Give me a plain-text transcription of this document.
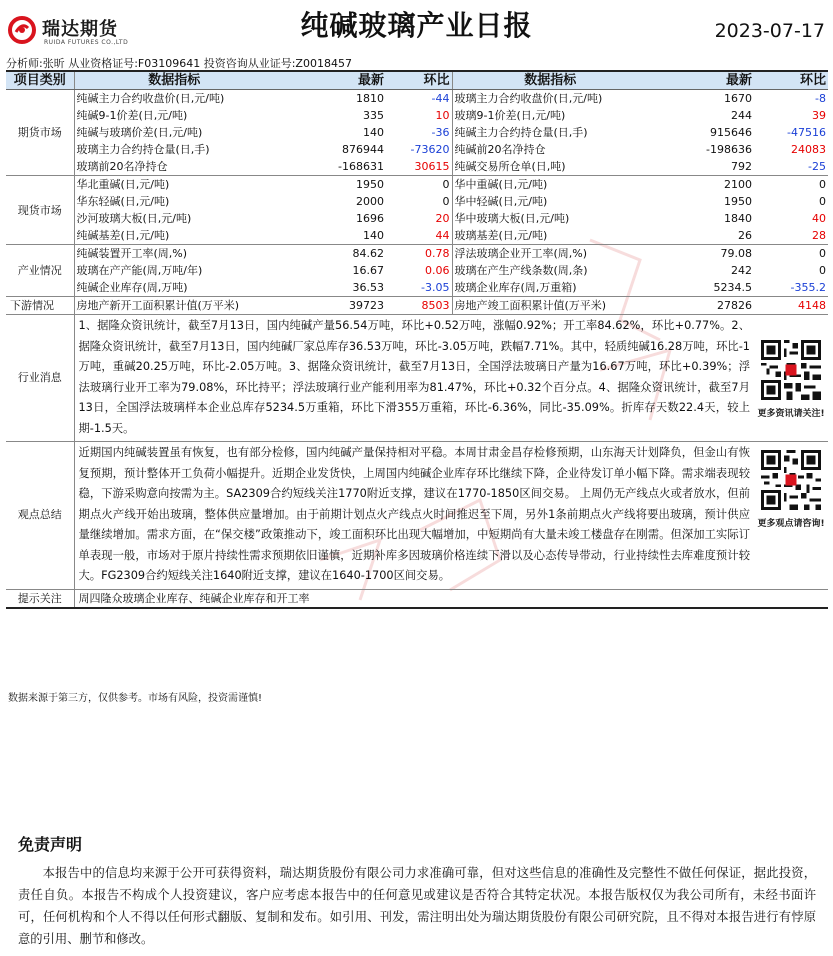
瑞达期货
RUIDA FUTURES CO.,LTD
纯碱玻璃产业日报	2023-07-17
分析师:张昕 从业资格证号:F03109641 投资咨询从业证号:Z0018457
项目类别	数据指标	最新	环比	数据指标	最新	环比
期货市场	纯碱主力合约收盘价(日,元/吨)	1810	-44	玻璃主力合约收盘价(日,元/吨)	1670	-8
	纯碱9-1价差(日,元/吨)	335	10	玻璃9-1价差(日,元/吨)	244	39
	纯碱与玻璃价差(日,元/吨)	140	-36	纯碱主力合约持仓量(日,手)	915646	-47516
	玻璃主力合约持仓量(日,手)	876944	-73620	纯碱前20名净持仓	-198636	24083
	玻璃前20名净持仓	-168631	30615	纯碱交易所仓单(日,吨)	792	-25
现货市场	华北重碱(日,元/吨)	1950	0	华中重碱(日,元/吨)	2100	0
	华东轻碱(日,元/吨)	2000	0	华中轻碱(日,元/吨)	1950	0
	沙河玻璃大板(日,元/吨)	1696	20	华中玻璃大板(日,元/吨)	1840	40
	纯碱基差(日,元/吨)	140	44	玻璃基差(日,元/吨)	26	28
产业情况	纯碱装置开工率(周,%)	84.62	0.78	浮法玻璃企业开工率(周,%)	79.08	0
	玻璃在产产能(周,万吨/年)	16.67	0.06	玻璃在产生产线条数(周,条)	242	0
	纯碱企业库存(周,万吨)	36.53	-3.05	玻璃企业库存(周,万重箱)	5234.5	-355.2
下游情况	房地产新开工面积累计值(万平米)	39723	8503	房地产竣工面积累计值(万平米)	27826	4148
行业消息	1、据隆众资讯统计，截至7月13日，国内纯碱产量56.54万吨，环比+0.52万吨，涨幅0.92%；开工率84.62%，环比+0.77%。2、据隆众资讯统计，截至7月13日，国内纯碱厂家总库存36.53万吨，环比-3.05万吨，跌幅7.71%。其中，轻质纯碱16.28万吨，环比-1万吨，重碱20.25万吨，环比-2.05万吨。3、据隆众资讯统计，截至7月13日，全国浮法玻璃日产量为16.67万吨，环比+0.39%；浮法玻璃行业开工率为79.08%，环比持平；浮法玻璃行业产能利用率为81.47%，环比+0.32个百分点。4、据隆众资讯统计，截至7月13日，全国浮法玻璃样本企业总库存5234.5万重箱，环比下滑355万重箱，环比-6.36%，同比-35.09%。折库存天数22.4天，较上期-1.5天。					更多资讯请关注!

观点总结	近期国内纯碱装置虽有恢复，也有部分检修，国内纯碱产量保持相对平稳。本周甘肃金昌存检修预期，山东海天计划降负，但金山有恢复预期，预计整体开工负荷小幅提升。近期企业发货快，上周国内纯碱企业库存环比继续下降，企业待发订单小幅下降。需求端表现较稳，下游采购意向按需为主。SA2309合约短线关注1770附近支撑，建议在1770-1850区间交易。 上周仍无产线点火或者放水，但前期点火产线开始出玻璃，整体供应量增加。由于前期计划点火产线点火时间推迟至下周，另外1条前期点火产线将要出玻璃，预计供应量继续增加。需求方面，在“保交楼”政策推动下，竣工面积环比出现大幅增加，中短期尚有大量未竣工楼盘存在刚需。但深加工实际订单表现一般，市场对于原片持续性需求预期依旧谨慎，近期补库多因玻璃价格连续下滑以及心态传导带动，行业持续性去库难度预计较大。FG2309合约短线关注1640附近支撑，建议在1640-1700区间交易。					更多观点请咨询!

提示关注	周四隆众玻璃企业库存、纯碱企业库存和开工率					
数据来源于第三方，仅供参考。市场有风险，投资需谨慎!
免责声明
本报告中的信息均来源于公开可获得资料，瑞达期货股份有限公司力求准确可靠，但对这些信息的准确性及完整性不做任何保证，据此投资，责任自负。本报告不构成个人投资建议，客户应考虑本报告中的任何意见或建议是否符合其特定状况。本报告版权仅为我公司所有，未经书面许可，任何机构和个人不得以任何形式翻版、复制和发布。如引用、刊发，需注明出处为瑞达期货股份有限公司研究院，且不得对本报告进行有悖原意的引用、删节和修改。
